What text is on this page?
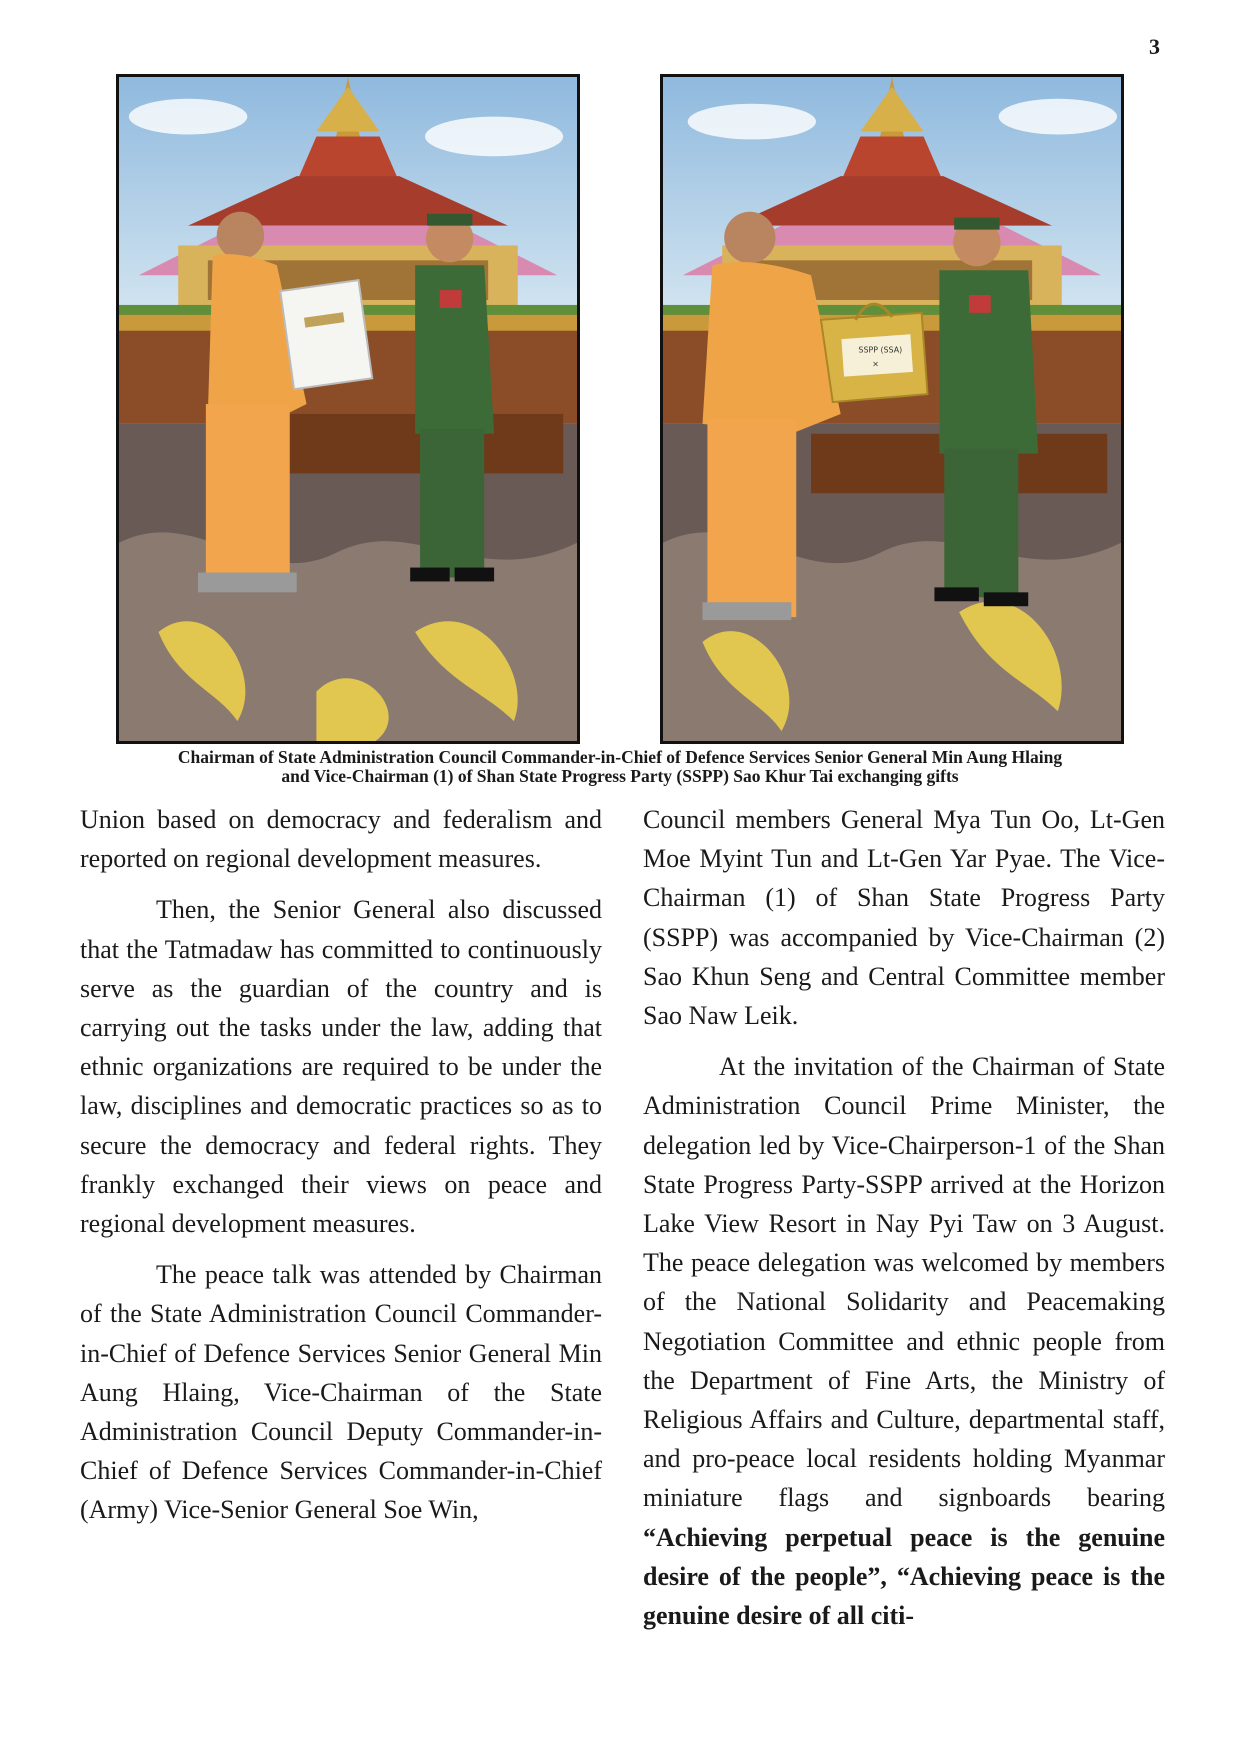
3
SSPP (SSA)
×
Chairman of State Administration Council Commander-in-Chief of Defence Services Senior General Min Aung Hlaing
and Vice-Chairman (1) of Shan State Progress Party (SSPP) Sao Khur Tai exchanging gifts

Union based on democracy and federalism and reported on regional development measures.

Then, the Senior General also discussed that the Tatmadaw has committed to continuously serve as the guardian of the country and is carrying out the tasks under the law, adding that ethnic organizations are required to be under the law, disciplines and democratic practices so as to secure the democracy and federal rights. They frankly exchanged their views on peace and regional development measures.

The peace talk was attended by Chairman of the State Administration Council Commander-in-Chief of Defence Services Senior General Min Aung Hlaing, Vice-Chairman of the State Administration Council Deputy Commander-in-Chief of Defence Services Commander-in-Chief (Army) Vice-Senior General Soe Win,

Council members General Mya Tun Oo, Lt-Gen Moe Myint Tun and Lt-Gen Yar Pyae. The Vice-Chairman (1) of Shan State Progress Party (SSPP) was accompanied by Vice-Chairman (2) Sao Khun Seng and Central Committee member Sao Naw Leik.

At the invitation of the Chairman of State Administration Council Prime Minister, the delegation led by Vice-Chairperson-1 of the Shan State Progress Party-SSPP arrived at the Horizon Lake View Resort in Nay Pyi Taw on 3 August. The peace delegation was welcomed by members of the National Solidarity and Peacemaking Negotiation Committee and ethnic people from the Department of Fine Arts, the Ministry of Religious Affairs and Culture, departmental staff, and pro-peace local residents holding Myanmar miniature flags and signboards bearing “Achieving perpetual peace is the genuine desire of the people”, “Achieving peace is the genuine desire of all citi-
